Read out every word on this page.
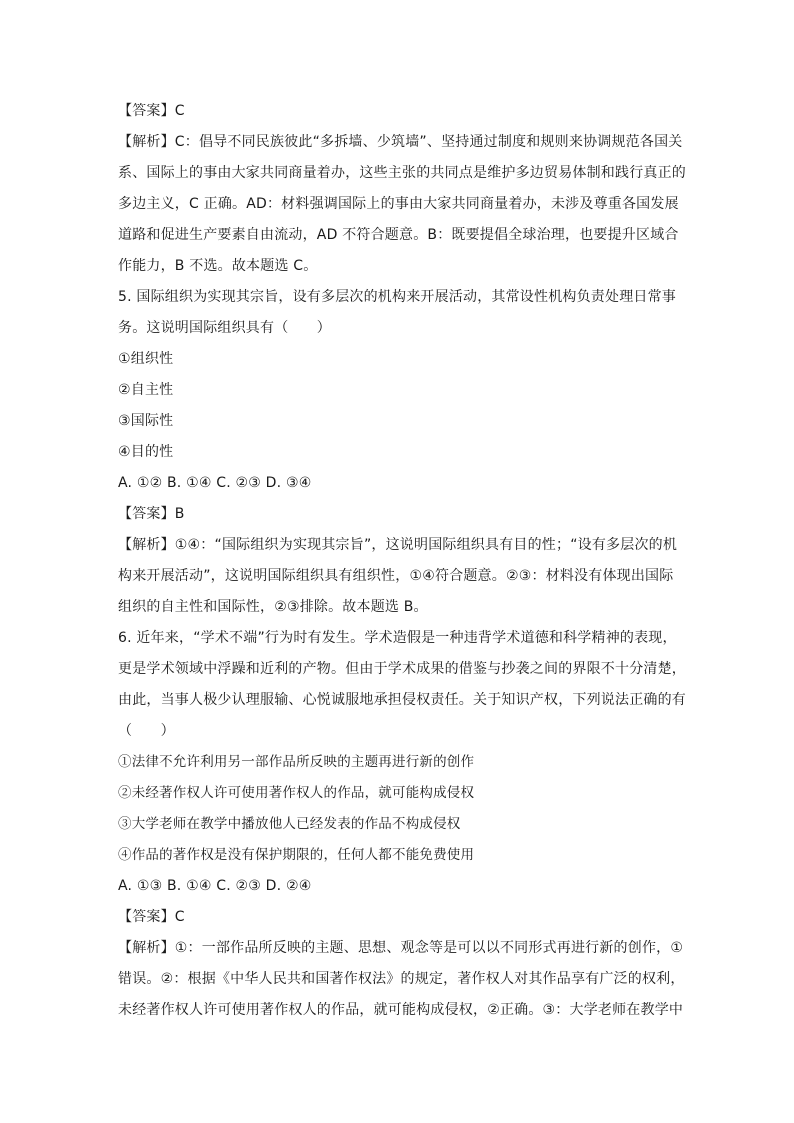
【答案】C
【解析】C：倡导不同民族彼此“多拆墙、少筑墙”、坚持通过制度和规则来协调规范各国关
系、国际上的事由大家共同商量着办，这些主张的共同点是维护多边贸易体制和践行真正的
多边主义，C 正确。AD：材料强调国际上的事由大家共同商量着办，未涉及尊重各国发展
道路和促进生产要素自由流动，AD 不符合题意。B：既要提倡全球治理，也要提升区域合
作能力，B 不选。故本题选 C。
5. 国际组织为实现其宗旨，设有多层次的机构来开展活动，其常设性机构负责处理日常事
务。这说明国际组织具有（　　）
①组织性
②自主性
③国际性
④目的性
A. ①② B. ①④ C. ②③ D. ③④
【答案】B
【解析】①④：“国际组织为实现其宗旨”，这说明国际组织具有目的性；“设有多层次的机
构来开展活动”，这说明国际组织具有组织性，①④符合题意。②③：材料没有体现出国际
组织的自主性和国际性，②③排除。故本题选 B。
6. 近年来，“学术不端”行为时有发生。学术造假是一种违背学术道德和科学精神的表现，
更是学术领域中浮躁和近利的产物。但由于学术成果的借鉴与抄袭之间的界限不十分清楚，
由此，当事人极少认理服输、心悦诚服地承担侵权责任。关于知识产权，下列说法正确的有
（　　）
①法律不允许利用另一部作品所反映的主题再进行新的创作
②未经著作权人许可使用著作权人的作品，就可能构成侵权
③大学老师在教学中播放他人已经发表的作品不构成侵权
④作品的著作权是没有保护期限的，任何人都不能免费使用
A. ①③ B. ①④ C. ②③ D. ②④
【答案】C
【解析】①：一部作品所反映的主题、思想、观念等是可以以不同形式再进行新的创作，①
错误。②：根据《中华人民共和国著作权法》的规定，著作权人对其作品享有广泛的权利，
未经著作权人许可使用著作权人的作品，就可能构成侵权，②正确。③：大学老师在教学中
